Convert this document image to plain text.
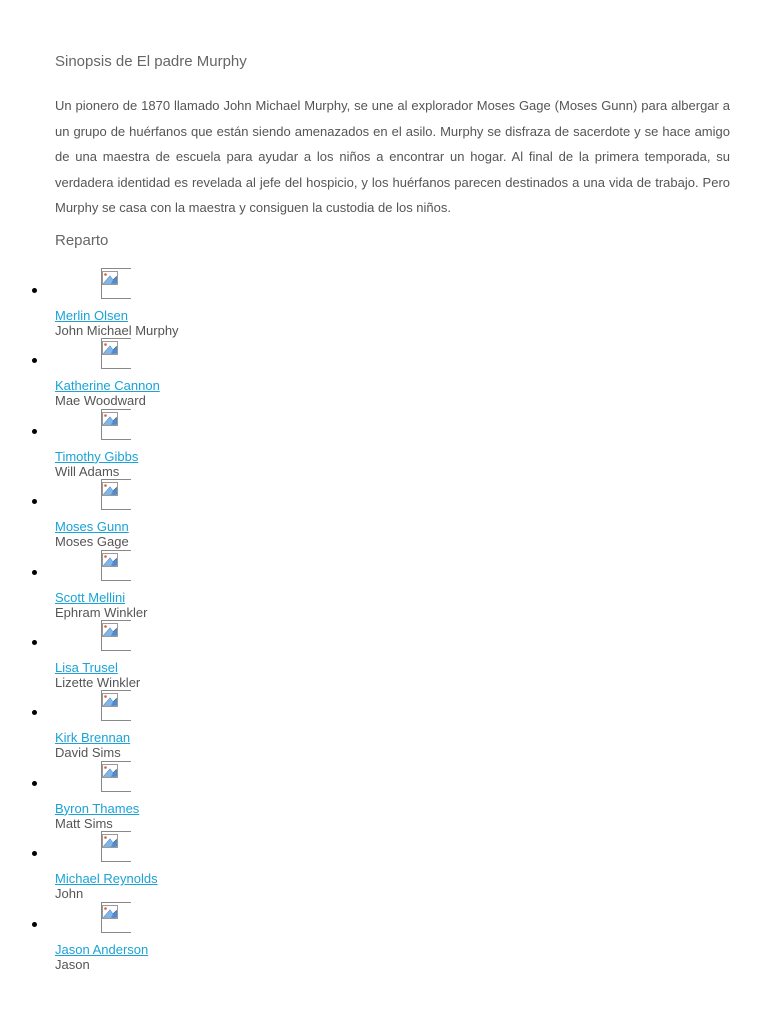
Sinopsis de El padre Murphy

Un pionero de 1870 llamado John Michael Murphy, se une al explorador Moses Gage (Moses Gunn) para albergar a un grupo de huérfanos que están siendo amenazados en el asilo. Murphy se disfraza de sacerdote y se hace amigo de una maestra de escuela para ayudar a los niños a encontrar un hogar. Al final de la primera temporada, su verdadera identidad es revelada al jefe del hospicio, y los huérfanos parecen destinados a una vida de trabajo. Pero Murphy se casa con la maestra y consiguen la custodia de los niños.

Reparto
Merlin Olsen
John Michael Murphy
Katherine Cannon
Mae Woodward
Timothy Gibbs
Will Adams
Moses Gunn
Moses Gage
Scott Mellini
Ephram Winkler
Lisa Trusel
Lizette Winkler
Kirk Brennan
David Sims
Byron Thames
Matt Sims
Michael Reynolds
John
Jason Anderson
Jason
